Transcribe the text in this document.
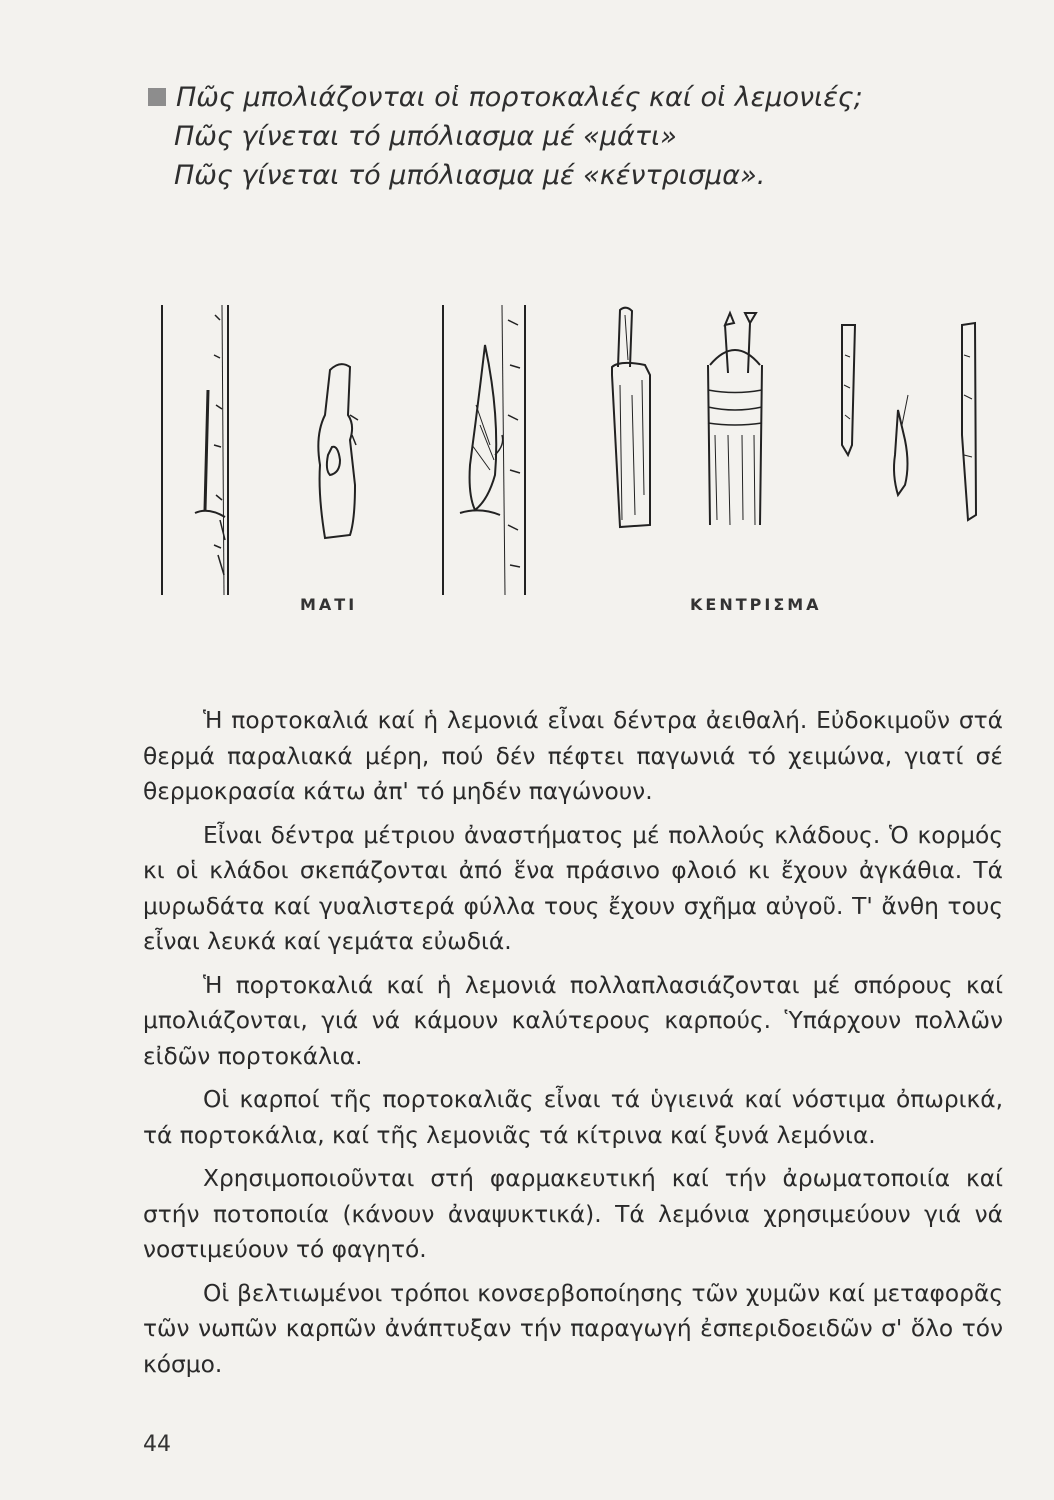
Πῶς μπολιάζονται οἱ πορτοκαλιές καί οἱ λεμονιές;
Πῶς γίνεται τό μπόλιασμα μέ «μάτι»
Πῶς γίνεται τό μπόλιασμα μέ «κέντρισμα».
ΜΑΤΙ	ΚΕΝΤΡΙΣΜΑ

Ἡ πορτοκαλιά καί ἡ λεμονιά εἶναι δέντρα ἀειθαλή. Εὐδοκιμοῦν στά θερμά παραλιακά μέρη, πού δέν πέφτει παγωνιά τό χειμώνα, γιατί σέ θερμοκρασία κάτω ἀπ' τό μηδέν παγώνουν.

Εἶναι δέντρα μέτριου ἀναστήματος μέ πολλούς κλάδους. Ὁ κορμός κι οἱ κλάδοι σκεπάζονται ἀπό ἕνα πράσινο φλοιό κι ἔχουν ἀγκάθια. Τά μυρωδάτα καί γυαλιστερά φύλλα τους ἔχουν σχῆμα αὐγοῦ. Τ' ἄνθη τους εἶναι λευκά καί γεμάτα εὐωδιά.

Ἡ πορτοκαλιά καί ἡ λεμονιά πολλαπλασιάζονται μέ σπόρους καί μπολιάζονται, γιά νά κάμουν καλύτερους καρπούς. Ὑπάρχουν πολλῶν εἰδῶν πορτοκάλια.

Οἱ καρποί τῆς πορτοκαλιᾶς εἶναι τά ὑγιεινά καί νόστιμα ὀπωρικά, τά πορτοκάλια, καί τῆς λεμονιᾶς τά κίτρινα καί ξυνά λεμόνια.

Χρησιμοποιοῦνται στή φαρμακευτική καί τήν ἀρωματοποιία καί στήν ποτοποιία (κάνουν ἀναψυκτικά). Τά λεμόνια χρησιμεύουν γιά νά νοστιμεύουν τό φαγητό.

Οἱ βελτιωμένοι τρόποι κονσερβοποίησης τῶν χυμῶν καί μεταφορᾶς τῶν νωπῶν καρπῶν ἀνάπτυξαν τήν παραγωγή ἐσπεριδοειδῶν σ' ὅλο τόν κόσμο.

44
